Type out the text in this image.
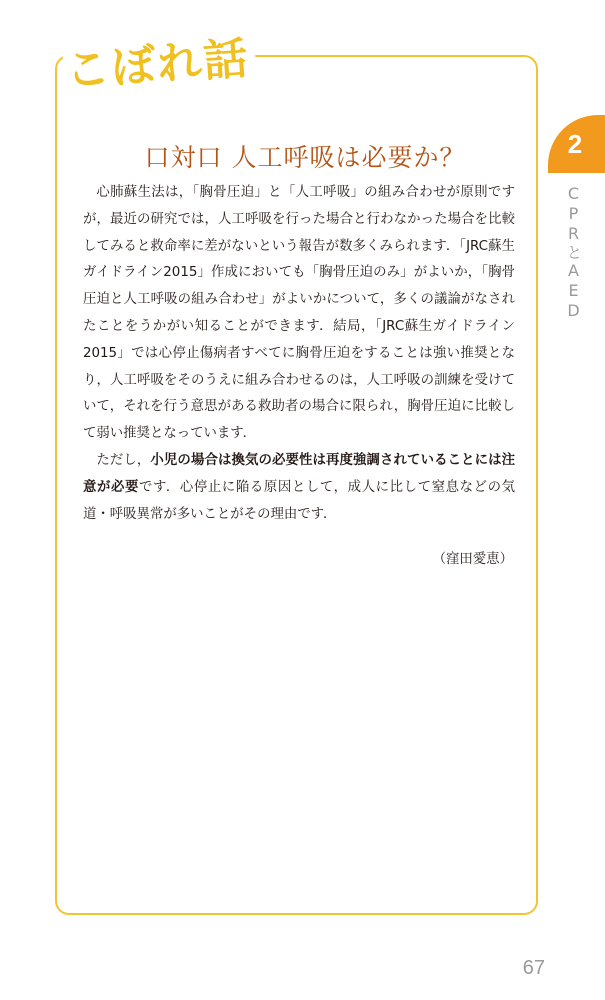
こぼれ話
口対口 人工呼吸は必要か？

心肺蘇生法は，「胸骨圧迫」と「人工呼吸」の組み合わせが原則ですが，最近の研究では，人工呼吸を行った場合と行わなかった場合を比較してみると救命率に差がないという報告が数多くみられます．「JRC蘇生ガイドライン2015」作成においても「胸骨圧迫のみ」がよいか，「胸骨圧迫と人工呼吸の組み合わせ」がよいかについて，多くの議論がなされたことをうかがい知ることができます．結局，「JRC蘇生ガイドライン2015」では心停止傷病者すべてに胸骨圧迫をすることは強い推奨となり，人工呼吸をそのうえに組み合わせるのは，人工呼吸の訓練を受けていて，それを行う意思がある救助者の場合に限られ，胸骨圧迫に比較して弱い推奨となっています．

ただし，小児の場合は換気の必要性は再度強調されていることには注意が必要です．心停止に陥る原因として，成人に比して窒息などの気道・呼吸異常が多いことがその理由です．

（窪田愛恵）
2
CPRとAED
67
